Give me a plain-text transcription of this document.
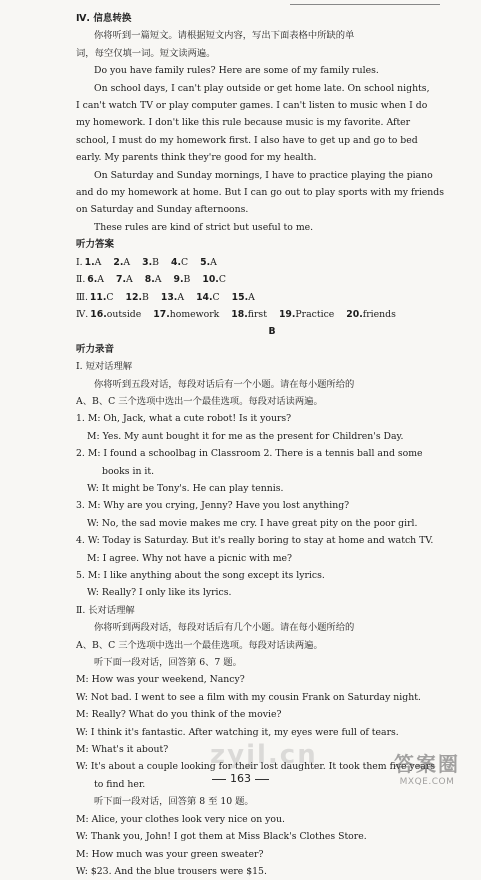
Ⅳ. 信息转换
你将听到一篇短文。请根据短文内容，写出下面表格中所缺的单
词，每空仅填一词。短文读两遍。
Do you have family rules? Here are some of my family rules.
On school days, I can't play outside or get home late. On school nights,
I can't watch TV or play computer games. I can't listen to music when I do
my homework. I don't like this rule because music is my favorite. After
school, I must do my homework first. I also have to get up and go to bed
early. My parents think they're good for my health.
On Saturday and Sunday mornings, I have to practice playing the piano
and do my homework at home. But I can go out to play sports with my friends
on Saturday and Sunday afternoons.
These rules are kind of strict but useful to me.
听力答案
Ⅰ. 1.A 2.A 3.B 4.C 5.A
Ⅱ. 6.A 7.A 8.A 9.B 10.C
Ⅲ. 11.C 12.B 13.A 14.C 15.A
Ⅳ. 16.outside 17.homework 18.first 19.Practice 20.friends
B
听力录音
Ⅰ. 短对话理解
你将听到五段对话，每段对话后有一个小题。请在每小题所给的
A、B、C 三个选项中选出一个最佳选项。每段对话读两遍。
1. M: Oh, Jack, what a cute robot! Is it yours?
M: Yes. My aunt bought it for me as the present for Children's Day.
2. M: I found a schoolbag in Classroom 2. There is a tennis ball and some
books in it.
W: It might be Tony's. He can play tennis.
3. M: Why are you crying, Jenny? Have you lost anything?
W: No, the sad movie makes me cry. I have great pity on the poor girl.
4. W: Today is Saturday. But it's really boring to stay at home and watch TV.
M: I agree. Why not have a picnic with me?
5. M: I like anything about the song except its lyrics.
W: Really? I only like its lyrics.
Ⅱ. 长对话理解
你将听到两段对话，每段对话后有几个小题。请在每小题所给的
A、B、C 三个选项中选出一个最佳选项。每段对话读两遍。
听下面一段对话，回答第 6、7 题。
M: How was your weekend, Nancy?
W: Not bad. I went to see a film with my cousin Frank on Saturday night.
M: Really? What do you think of the movie?
W: I think it's fantastic. After watching it, my eyes were full of tears.
M: What's it about?
W: It's about a couple looking for their lost daughter. It took them five years
to find her.
听下面一段对话，回答第 8 至 10 题。
M: Alice, your clothes look very nice on you.
W: Thank you, John! I got them at Miss Black's Clothes Store.
M: How much was your green sweater?
W: $23. And the blue trousers were $15.
zyjl.cn
163
答案圈
MXQE.COM
